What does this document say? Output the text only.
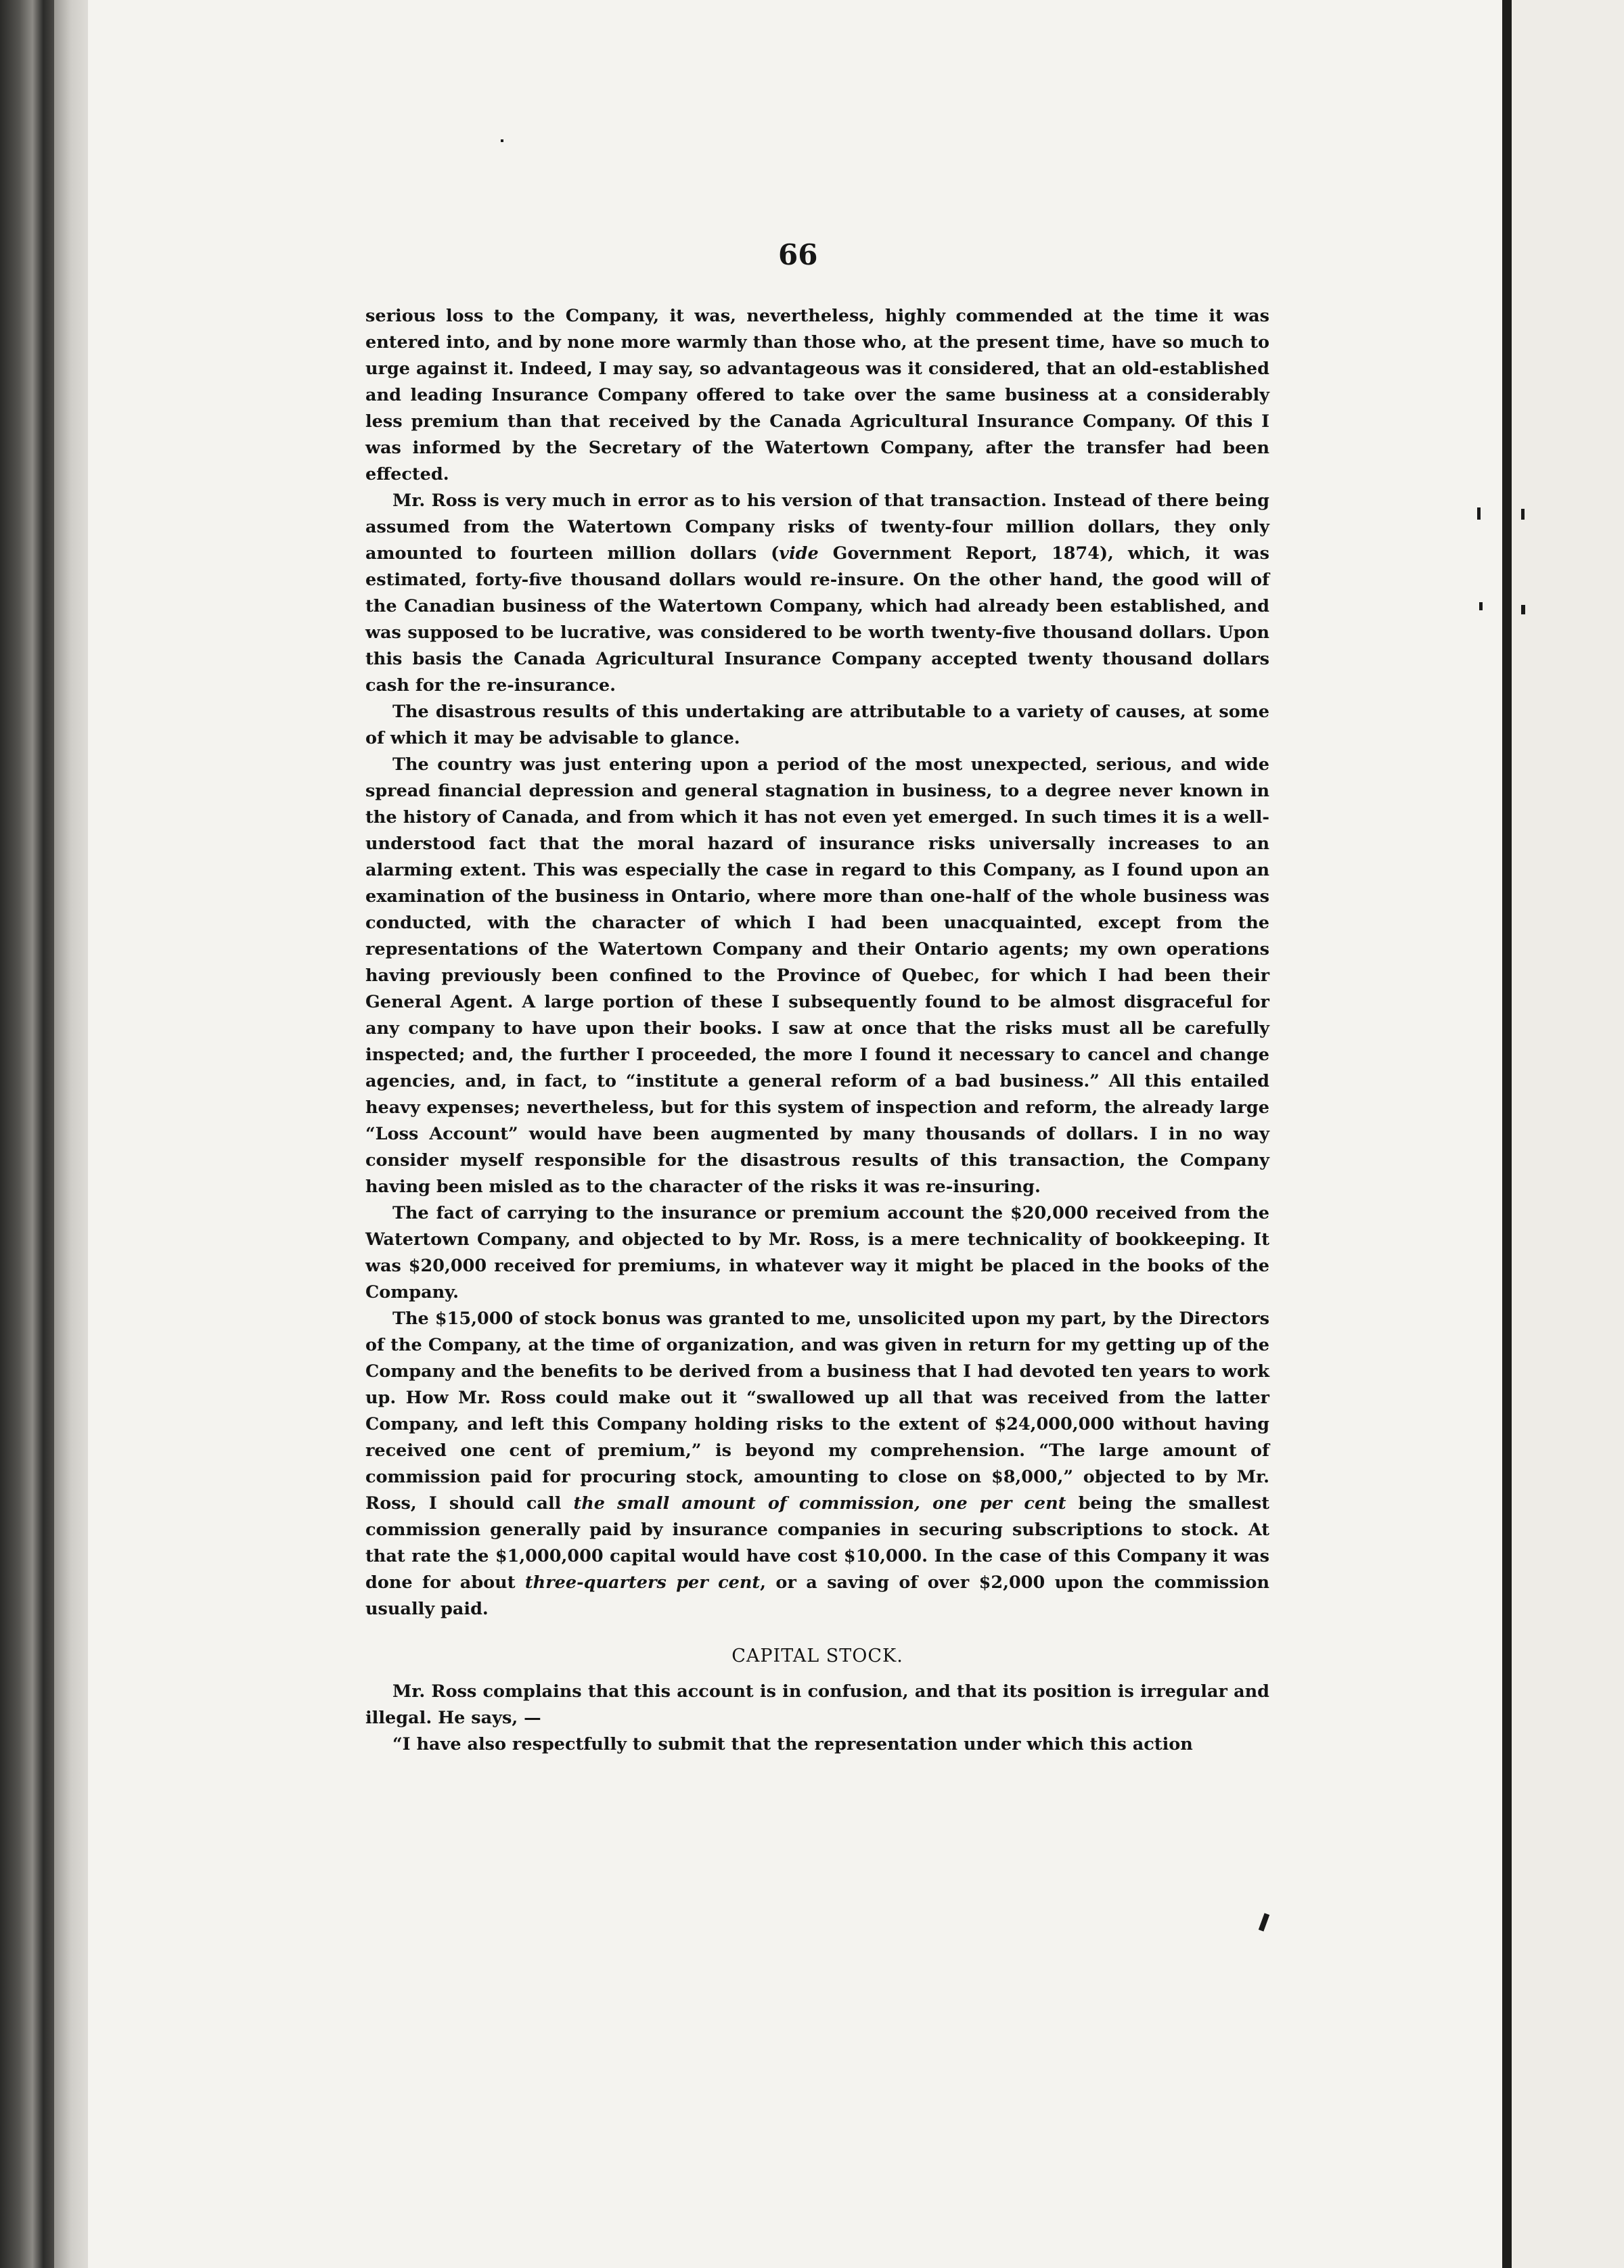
66

serious loss to the Company, it was, nevertheless, highly commended at the time it was entered into, and by none more warmly than those who, at the present time, have so much to urge against it. Indeed, I may say, so advantageous was it considered, that an old-established and leading Insurance Company offered to take over the same business at a considerably less premium than that received by the Canada Agricultural Insurance Company. Of this I was informed by the Secretary of the Watertown Company, after the transfer had been effected.

Mr. Ross is very much in error as to his version of that transaction. Instead of there being assumed from the Watertown Company risks of twenty-four million dollars, they only amounted to fourteen million dollars (vide Government Report, 1874), which, it was estimated, forty-five thousand dollars would re-insure. On the other hand, the good will of the Canadian business of the Watertown Company, which had already been established, and was supposed to be lucrative, was considered to be worth twenty-five thousand dollars. Upon this basis the Canada Agricultural Insurance Company accepted twenty thousand dollars cash for the re-insurance.

The disastrous results of this undertaking are attributable to a variety of causes, at some of which it may be advisable to glance.

The country was just entering upon a period of the most unexpected, serious, and wide spread financial depression and general stagnation in business, to a degree never known in the history of Canada, and from which it has not even yet emerged. In such times it is a well-understood fact that the moral hazard of insurance risks universally increases to an alarming extent. This was especially the case in regard to this Company, as I found upon an examination of the business in Ontario, where more than one-half of the whole business was conducted, with the character of which I had been unacquainted, except from the representations of the Watertown Company and their Ontario agents; my own operations having previously been confined to the Province of Quebec, for which I had been their General Agent. A large portion of these I subsequently found to be almost disgraceful for any company to have upon their books. I saw at once that the risks must all be carefully inspected; and, the further I proceeded, the more I found it necessary to cancel and change agencies, and, in fact, to “institute a general reform of a bad business.” All this entailed heavy expenses; nevertheless, but for this system of inspection and reform, the already large “Loss Account” would have been augmented by many thousands of dollars. I in no way consider myself responsible for the disastrous results of this transaction, the Company having been misled as to the character of the risks it was re-insuring.

The fact of carrying to the insurance or premium account the $20,000 received from the Watertown Company, and objected to by Mr. Ross, is a mere technicality of bookkeeping. It was $20,000 received for premiums, in whatever way it might be placed in the books of the Company.

The $15,000 of stock bonus was granted to me, unsolicited upon my part, by the Directors of the Company, at the time of organization, and was given in return for my getting up of the Company and the benefits to be derived from a business that I had devoted ten years to work up. How Mr. Ross could make out it “swallowed up all that was received from the latter Company, and left this Company holding risks to the extent of $24,000,000 without having received one cent of premium,” is beyond my comprehension. “The large amount of commission paid for procuring stock, amounting to close on $8,000,” objected to by Mr. Ross, I should call the small amount of commission, one per cent being the smallest commission generally paid by insurance companies in securing subscriptions to stock. At that rate the $1,000,000 capital would have cost $10,000. In the case of this Company it was done for about three-quarters per cent, or a saving of over $2,000 upon the commission usually paid.

CAPITAL STOCK.

Mr. Ross complains that this account is in confusion, and that its position is irregular and illegal. He says, —

“I have also respectfully to submit that the representation under which this action
